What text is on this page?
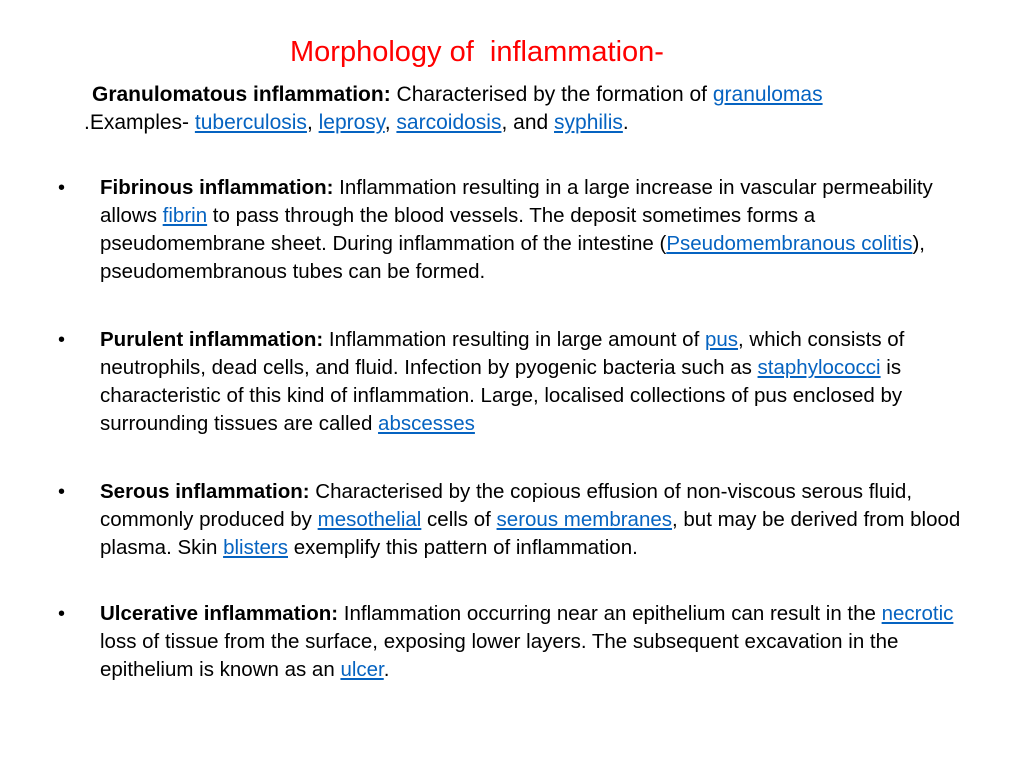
Morphology of  inflammation-
Granulomatous inflammation: Characterised by the formation of granulomas
.Examples- tuberculosis, leprosy, sarcoidosis, and syphilis.
• Fibrinous inflammation: Inflammation resulting in a large increase in vascular permeability allows fibrin to pass through the blood vessels. The deposit sometimes forms a pseudomembrane sheet. During inflammation of the intestine (Pseudomembranous colitis), pseudomembranous tubes can be formed.
• Purulent inflammation: Inflammation resulting in large amount of pus, which consists of neutrophils, dead cells, and fluid. Infection by pyogenic bacteria such as staphylococci is characteristic of this kind of inflammation. Large, localised collections of pus enclosed by surrounding tissues are called abscesses
• Serous inflammation: Characterised by the copious effusion of non-viscous serous fluid, commonly produced by mesothelial cells of serous membranes, but may be derived from blood plasma. Skin blisters exemplify this pattern of inflammation.
• Ulcerative inflammation: Inflammation occurring near an epithelium can result in the necrotic loss of tissue from the surface, exposing lower layers. The subsequent excavation in the epithelium is known as an ulcer.
